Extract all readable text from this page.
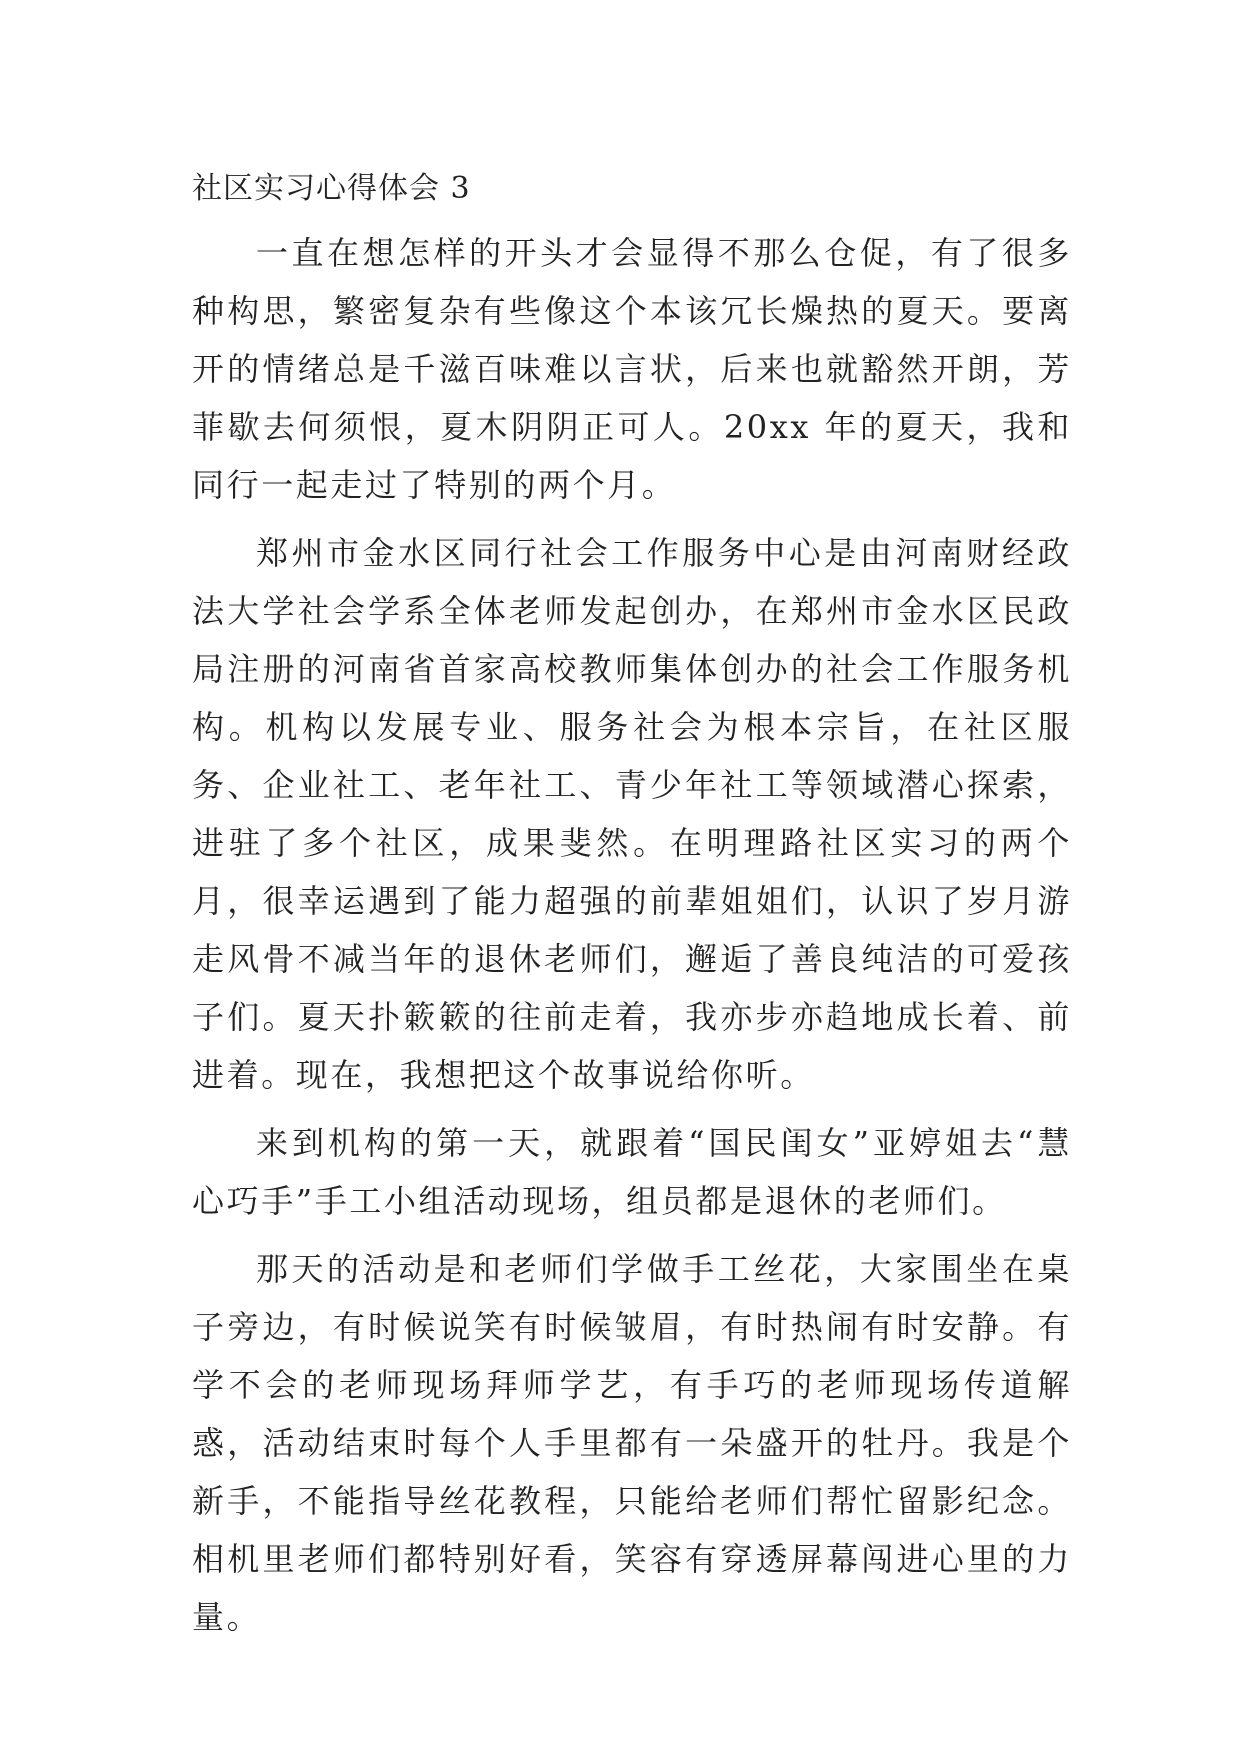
社区实习心得体会 3

一直在想怎样的开头才会显得不那么仓促，有了很多种构思，繁密复杂有些像这个本该冗长燥热的夏天。要离开的情绪总是千滋百味难以言状，后来也就豁然开朗，芳菲歇去何须恨，夏木阴阴正可人。20xx 年的夏天，我和同行一起走过了特别的两个月。

郑州市金水区同行社会工作服务中心是由河南财经政法大学社会学系全体老师发起创办，在郑州市金水区民政局注册的河南省首家高校教师集体创办的社会工作服务机构。机构以发展专业、服务社会为根本宗旨，在社区服务、企业社工、老年社工、青少年社工等领域潜心探索，进驻了多个社区，成果斐然。在明理路社区实习的两个月，很幸运遇到了能力超强的前辈姐姐们，认识了岁月游走风骨不减当年的退休老师们，邂逅了善良纯洁的可爱孩子们。夏天扑簌簌的往前走着，我亦步亦趋地成长着、前进着。现在，我想把这个故事说给你听。

来到机构的第一天，就跟着“国民闺女”亚婷姐去“慧心巧手”手工小组活动现场，组员都是退休的老师们。

那天的活动是和老师们学做手工丝花，大家围坐在桌子旁边，有时候说笑有时候皱眉，有时热闹有时安静。有学不会的老师现场拜师学艺，有手巧的老师现场传道解惑，活动结束时每个人手里都有一朵盛开的牡丹。我是个新手，不能指导丝花教程，只能给老师们帮忙留影纪念。相机里老师们都特别好看，笑容有穿透屏幕闯进心里的力量。
